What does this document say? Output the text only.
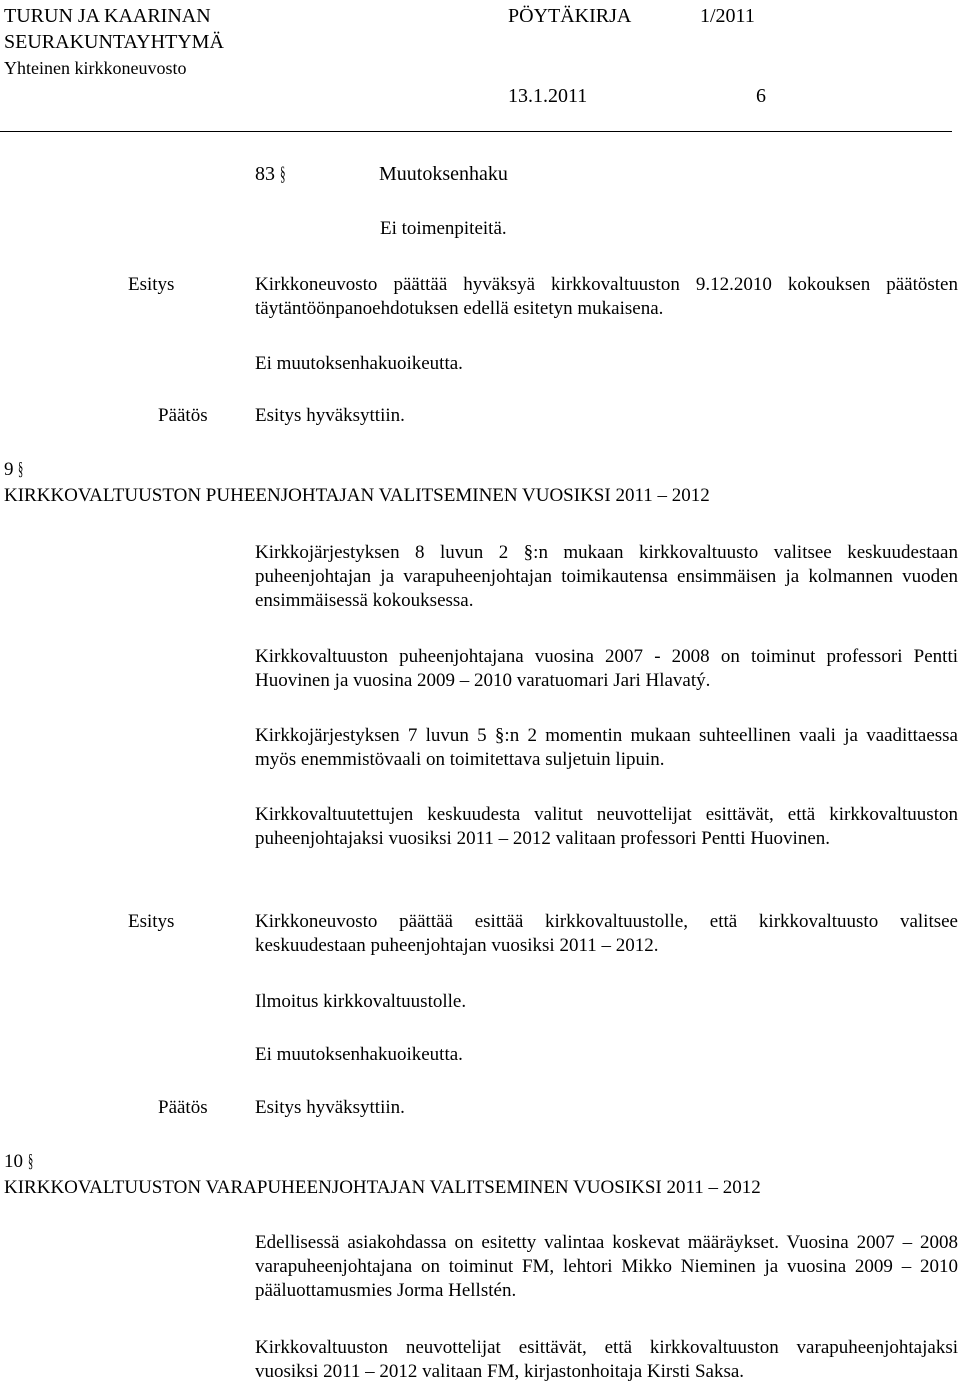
TURUN JA KAARINAN
SEURAKUNTAYHTYMÄ
Yhteinen kirkkoneuvosto
PÖYTÄKIRJA	1/2011
13.1.2011	6
83 §	Muutoksenhaku
Ei toimenpiteitä.
Esitys	Kirkkoneuvosto päättää hyväksyä kirkkovaltuuston 9.12.2010 kokouksen päätösten täytäntöönpanoehdotuksen edellä esitetyn mukaisena.
Ei muutoksenhakuoikeutta.
Päätös Esitys hyväksyttiin.
9 §
KIRKKOVALTUUSTON PUHEENJOHTAJAN VALITSEMINEN VUOSIKSI 2011 – 2012
Kirkkojärjestyksen 8 luvun 2 §:n mukaan kirkkovaltuusto valitsee keskuudestaan puheenjohtajan ja varapuheenjohtajan toimikautensa ensimmäisen ja kolmannen vuoden ensimmäisessä kokouksessa.
Kirkkovaltuuston puheenjohtajana vuosina 2007 - 2008 on toiminut professori Pentti Huovinen ja vuosina 2009 – 2010 varatuomari Jari Hlavatý.
Kirkkojärjestyksen 7 luvun 5 §:n 2 momentin mukaan suhteellinen vaali ja vaadittaessa myös enemmistövaali on toimitettava suljetuin lipuin.
Kirkkovaltuutettujen keskuudesta valitut neuvottelijat esittävät, että kirkkovaltuuston puheenjohtajaksi vuosiksi 2011 – 2012 valitaan professori Pentti Huovinen.
Esitys	Kirkkoneuvosto päättää esittää kirkkovaltuustolle, että kirkkovaltuusto valitsee keskuudestaan puheenjohtajan vuosiksi 2011 – 2012.
Ilmoitus kirkkovaltuustolle.
Ei muutoksenhakuoikeutta.
Päätös Esitys hyväksyttiin.
10 §
KIRKKOVALTUUSTON VARAPUHEENJOHTAJAN VALITSEMINEN VUOSIKSI 2011 – 2012
Edellisessä asiakohdassa on esitetty valintaa koskevat määräykset. Vuosina 2007 – 2008 varapuheenjohtajana on toiminut FM, lehtori Mikko Nieminen ja vuosina 2009 – 2010 pääluottamusmies Jorma Hellstén.
Kirkkovaltuuston neuvottelijat esittävät, että kirkkovaltuuston varapuheenjohtajaksi vuosiksi 2011 – 2012 valitaan FM, kirjastonhoitaja Kirsti Saksa.
